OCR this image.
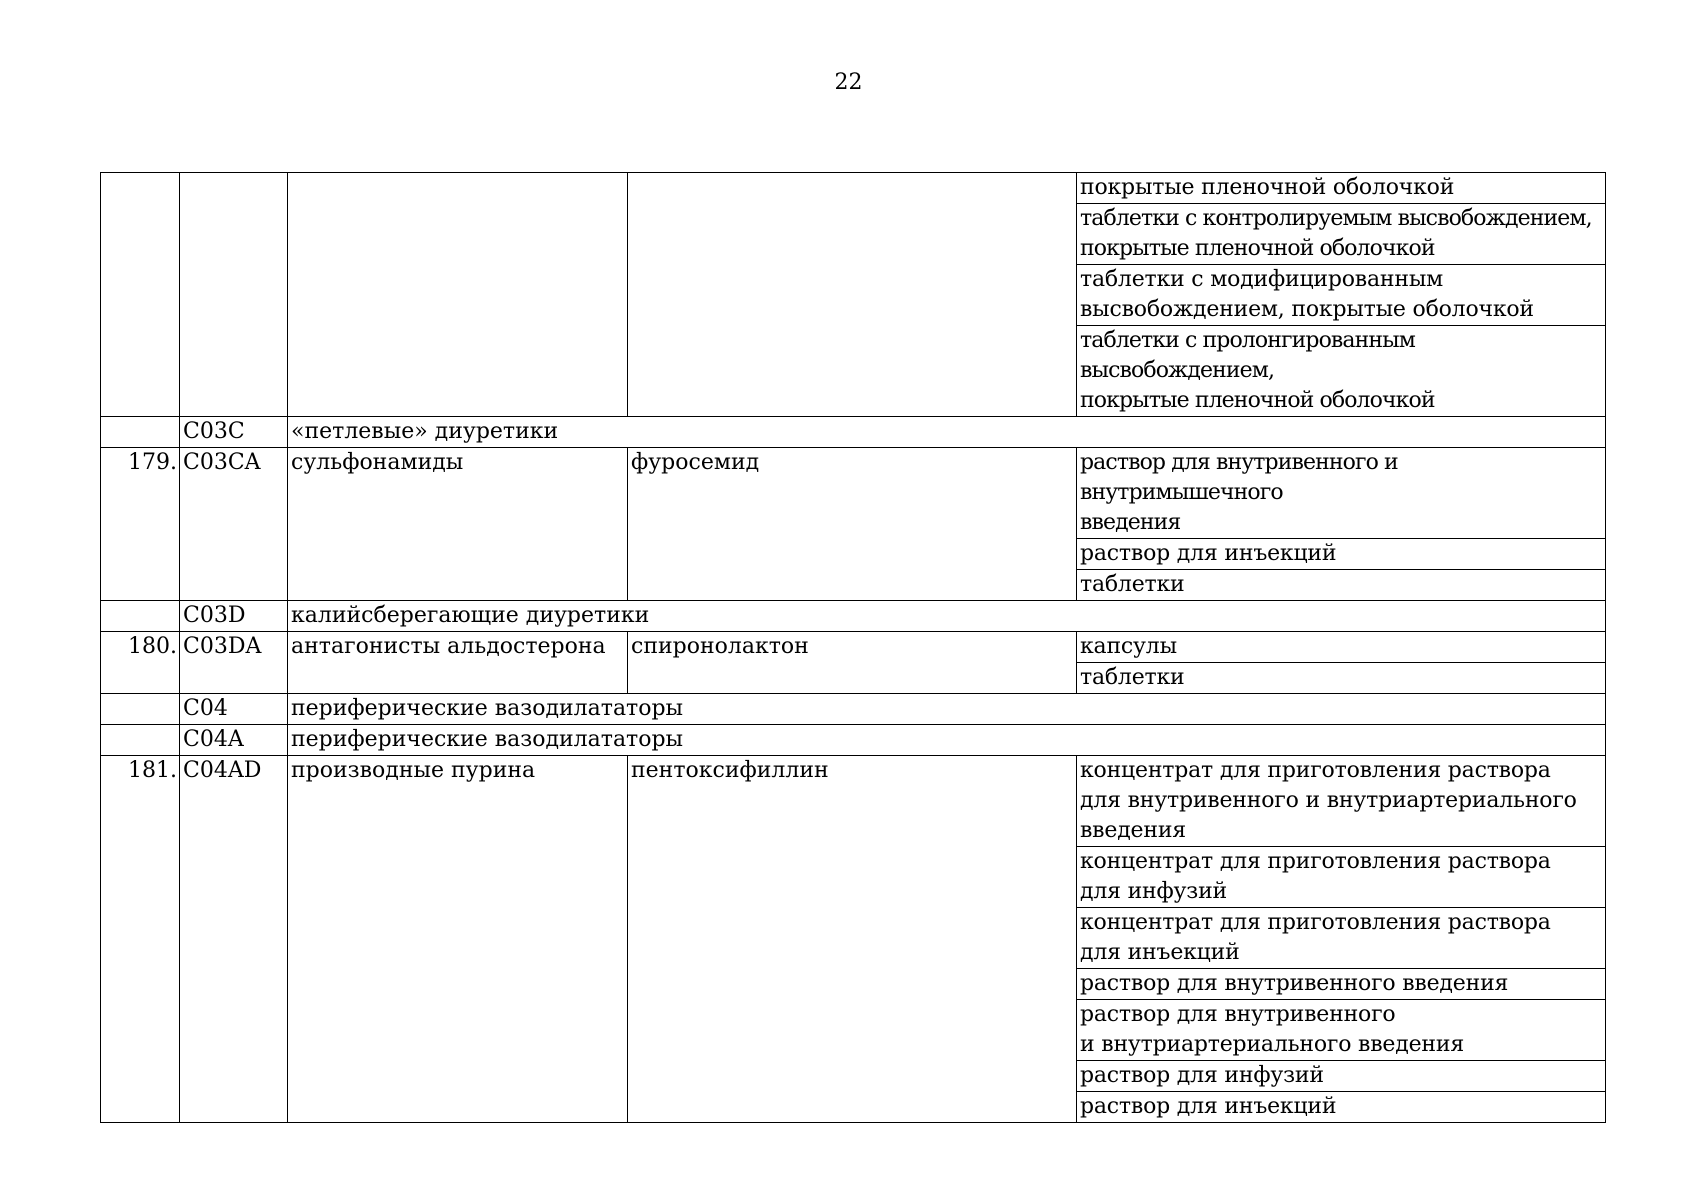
22
				покрытые пленочной оболочкой
				таблетки с контролируемым высвобождением,
покрытые пленочной оболочкой
				таблетки с модифицированным
высвобождением, покрытые оболочкой
				таблетки с пролонгированным высвобождением,
покрытые пленочной оболочкой
	C03C	«петлевые» диуретики		
179.	C03CA	сульфонамиды	фуросемид	раствор для внутривенного и внутримышечного
введения
				раствор для инъекций
				таблетки
	C03D	калийсберегающие диуретики		
180.	C03DA	антагонисты альдостерона	спиронолактон	капсулы
				таблетки
	C04	периферические вазодилататоры		
	C04A	периферические вазодилататоры		
181.	C04AD	производные пурина	пентоксифиллин	концентрат для приготовления раствора
для внутривенного и внутриартериального
введения
				концентрат для приготовления раствора
для инфузий
				концентрат для приготовления раствора
для инъекций
				раствор для внутривенного введения
				раствор для внутривенного
и внутриартериального введения
				раствор для инфузий
				раствор для инъекций
